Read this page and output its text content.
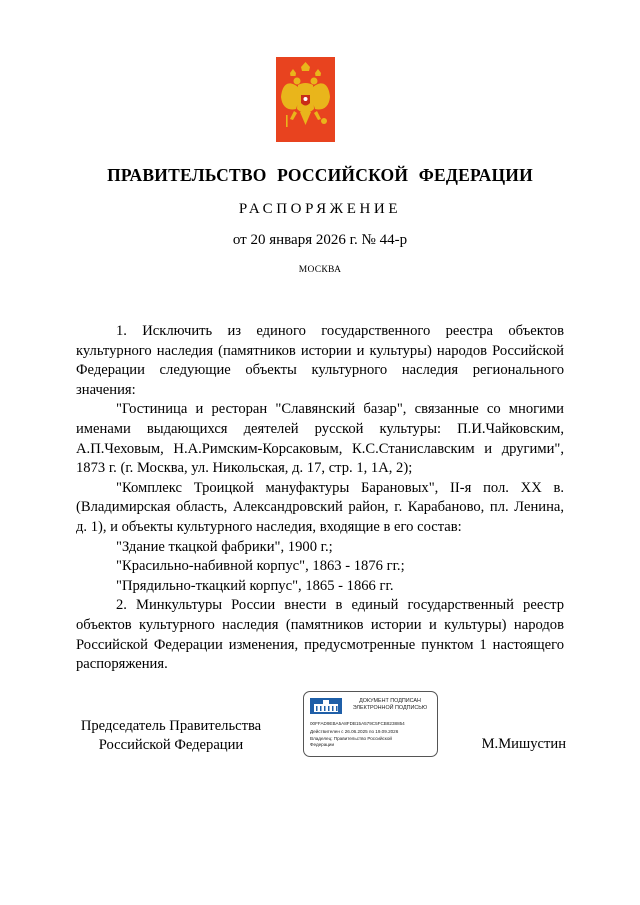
ПРАВИТЕЛЬСТВО РОССИЙСКОЙ ФЕДЕРАЦИИ
РАСПОРЯЖЕНИЕ
от 20 января 2026 г. № 44-р
МОСКВА

1. Исключить из единого государственного реестра объектов культурного наследия (памятников истории и культуры) народов Российской Федерации следующие объекты культурного наследия регионального значения:

"Гостиница и ресторан "Славянский базар", связанные со многими именами выдающихся деятелей русской культуры: П.И.Чайковским, А.П.Чеховым, Н.А.Римским-Корсаковым, К.С.Станиславским и другими", 1873 г. (г. Москва, ул. Никольская, д. 17, стр. 1, 1А, 2);

"Комплекс Троицкой мануфактуры Барановых", II-я пол. XX в. (Владимирская область, Александровский район, г. Карабаново, пл. Ленина, д. 1), и объекты культурного наследия, входящие в его состав:

"Здание ткацкой фабрики", 1900 г.;

"Красильно-набивной корпус", 1863 - 1876 гг.;

"Прядильно-ткацкий корпус", 1865 - 1866 гг.

2. Минкультуры России внести в единый государственный реестр объектов культурного наследия (памятников истории и культуры) народов Российской Федерации изменения, предусмотренные пунктом 1 настоящего распоряжения.

Председатель Правительства
Российской Федерации
ДОКУМЕНТ ПОДПИСАН
ЭЛЕКТРОННОЙ ПОДПИСЬЮ
00FFAD9EBA5A8FDB15A579C5FCB8238854
Действителен с 26.06.2025 по 19.09.2026
Владелец: Правительство Российской
Федерации	М.Мишустин
